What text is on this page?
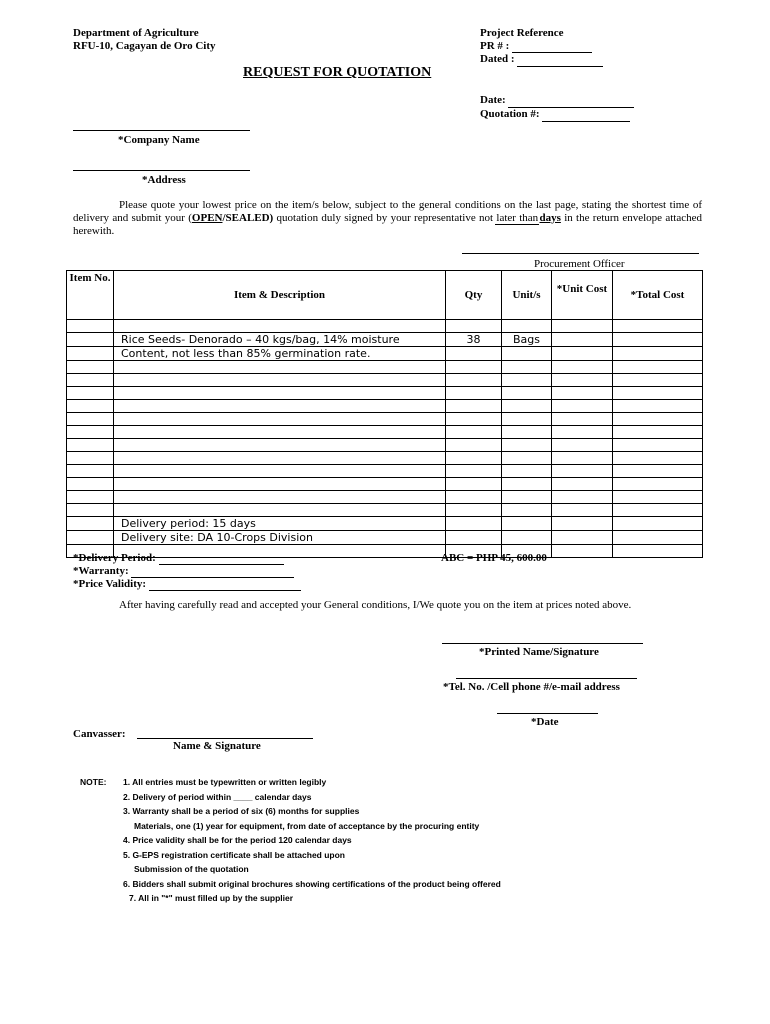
Department of Agriculture
RFU-10, Cagayan de Oro City
Project Reference
PR # :
Dated :
REQUEST FOR QUOTATION
Date:
Quotation #:
*Company Name
*Address
Please quote your lowest price on the item/s below, subject to the general conditions on the last page, stating the shortest time of delivery and submit your (OPEN/SEALED) quotation duly signed by your representative not later than  days in the return envelope attached herewith.
Procurement Officer
Item No.	Item & Description	Qty	Unit/s	*Unit Cost	*Total Cost

	Rice Seeds- Denorado – 40 kgs/bag, 14% moisture	38	Bags		
	Content, not less than 85% germination rate.				

	Delivery period: 15 days				
	Delivery site: DA 10-Crops Division				

*Delivery Period:
*Warranty:
*Price Validity:
ABC = PHP 45, 600.00
After having carefully read and accepted your General conditions, I/We quote you on the item at prices noted above.
*Printed Name/Signature
*Tel. No. /Cell phone #/e-mail address
*Date
Canvasser:
Name & Signature
NOTE:	1. All entries must be typewritten or written legibly
2. Delivery of period within ____ calendar days
3. Warranty shall be a period of six (6) months for supplies
Materials, one (1) year for equipment, from date of acceptance by the procuring entity
4. Price validity shall be for the period 120 calendar days
5. G-EPS registration certificate shall be attached upon
Submission of the quotation
6. Bidders shall submit original brochures showing certifications of the product being offered
7. All in "*" must filled up by the supplier
